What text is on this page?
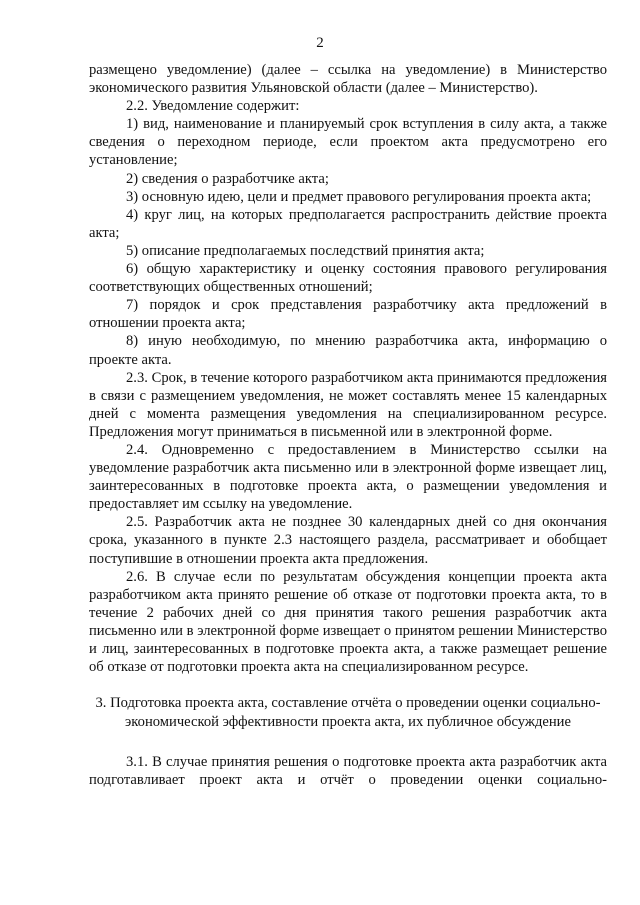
2

размещено уведомление) (далее – ссылка на уведомление) в Министерство экономического развития Ульяновской области (далее – Министерство).

2.2. Уведомление содержит:

1) вид, наименование и планируемый срок вступления в силу акта, а также сведения о переходном периоде, если проектом акта предусмотрено его установление;

2) сведения о разработчике акта;

3) основную идею, цели и предмет правового регулирования проекта акта;

4) круг лиц, на которых предполагается распространить действие проекта акта;

5) описание предполагаемых последствий принятия акта;

6) общую характеристику и оценку состояния правового регулирования соответствующих общественных отношений;

7) порядок и срок представления разработчику акта предложений в отношении проекта акта;

8) иную необходимую, по мнению разработчика акта, информацию о проекте акта.

2.3. Срок, в течение которого разработчиком акта принимаются предложения в связи с размещением уведомления, не может составлять менее 15 календарных дней с момента размещения уведомления на специализированном ресурсе. Предложения могут приниматься в письменной или в электронной форме.

2.4. Одновременно с предоставлением в Министерство ссылки на уведомление разработчик акта письменно или в электронной форме извещает лиц, заинтересованных в подготовке проекта акта, о размещении уведомления и предоставляет им ссылку на уведомление.

2.5. Разработчик акта не позднее 30 календарных дней со дня окончания срока, указанного в пункте 2.3 настоящего раздела, рассматривает и обобщает поступившие в отношении проекта акта предложения.

2.6. В случае если по результатам обсуждения концепции проекта акта разработчиком акта принято решение об отказе от подготовки проекта акта, то в течение 2 рабочих дней со дня принятия такого решения разработчик акта письменно или в электронной форме извещает о принятом решении Министерство и лиц, заинтересованных в подготовке проекта акта, а также размещает решение об отказе от подготовки проекта акта на специализированном ресурсе.

3. Подготовка проекта акта, составление отчёта о проведении оценки социально-экономической эффективности проекта акта, их публичное обсуждение

3.1. В случае принятия решения о подготовке проекта акта разработчик акта подготавливает проект акта и отчёт о проведении оценки социально-
